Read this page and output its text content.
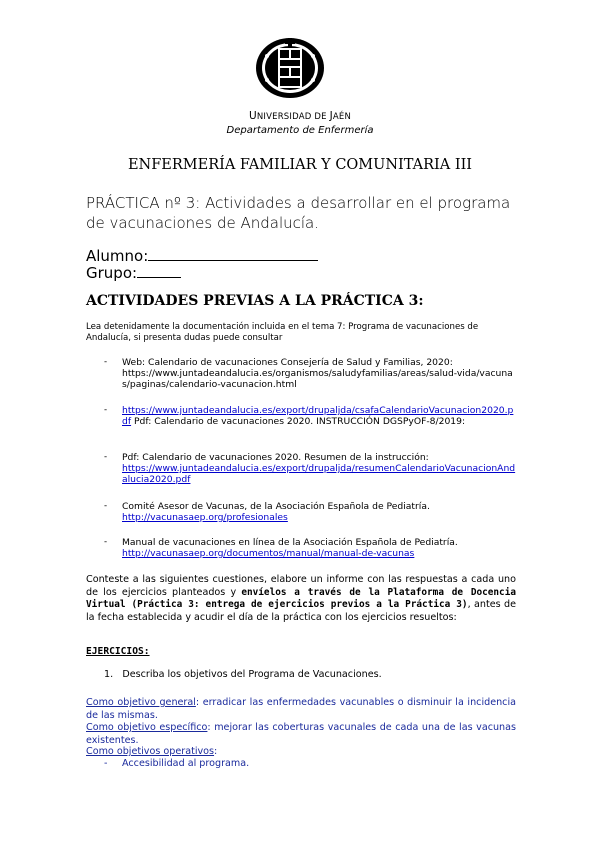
UNIVERSIDAD DE JAÉN
Departamento de Enfermería
ENFERMERÍA FAMILIAR Y COMUNITARIA III
PRÁCTICA nº 3: Actividades a desarrollar en el programa de vacunaciones de Andalucía.
Alumno:
Grupo:
ACTIVIDADES PREVIAS A LA PRÁCTICA 3:
Lea detenidamente la documentación incluida en el tema 7: Programa de vacunaciones de Andalucía, si presenta dudas puede consultar
-	Web: Calendario de vacunaciones Consejería de Salud y Familias, 2020:
https://www.juntadeandalucia.es/organismos/saludyfamilias/areas/salud-vida/vacunas/paginas/calendario-vacunacion.html
-	https://www.juntadeandalucia.es/export/drupaljda/csafaCalendarioVacunacion2020.pdf Pdf: Calendario de vacunaciones 2020. INSTRUCCIÓN DGSPyOF-8/2019:
-	Pdf: Calendario de vacunaciones 2020. Resumen de la instrucción:
https://www.juntadeandalucia.es/export/drupaljda/resumenCalendarioVacunacionAndalucia2020.pdf
-	Comité Asesor de Vacunas, de la Asociación Española de Pediatría.
http://vacunasaep.org/profesionales
-	Manual de vacunaciones en línea de la Asociación Española de Pediatría.
http://vacunasaep.org/documentos/manual/manual-de-vacunas
Conteste a las siguientes cuestiones, elabore un informe con las respuestas a cada uno de los ejercicios planteados y envíelos a través de la Plataforma de Docencia Virtual (Práctica 3: entrega de ejercicios previos a la Práctica 3), antes de la fecha establecida y acudir el día de la práctica con los ejercicios resueltos:
EJERCICIOS:
1. Describa los objetivos del Programa de Vacunaciones.
Como objetivo general: erradicar las enfermedades vacunables o disminuir la incidencia de las mismas.
Como objetivo específico: mejorar las coberturas vacunales de cada una de las vacunas existentes.
Como objetivos operativos:
-	Accesibilidad al programa.
